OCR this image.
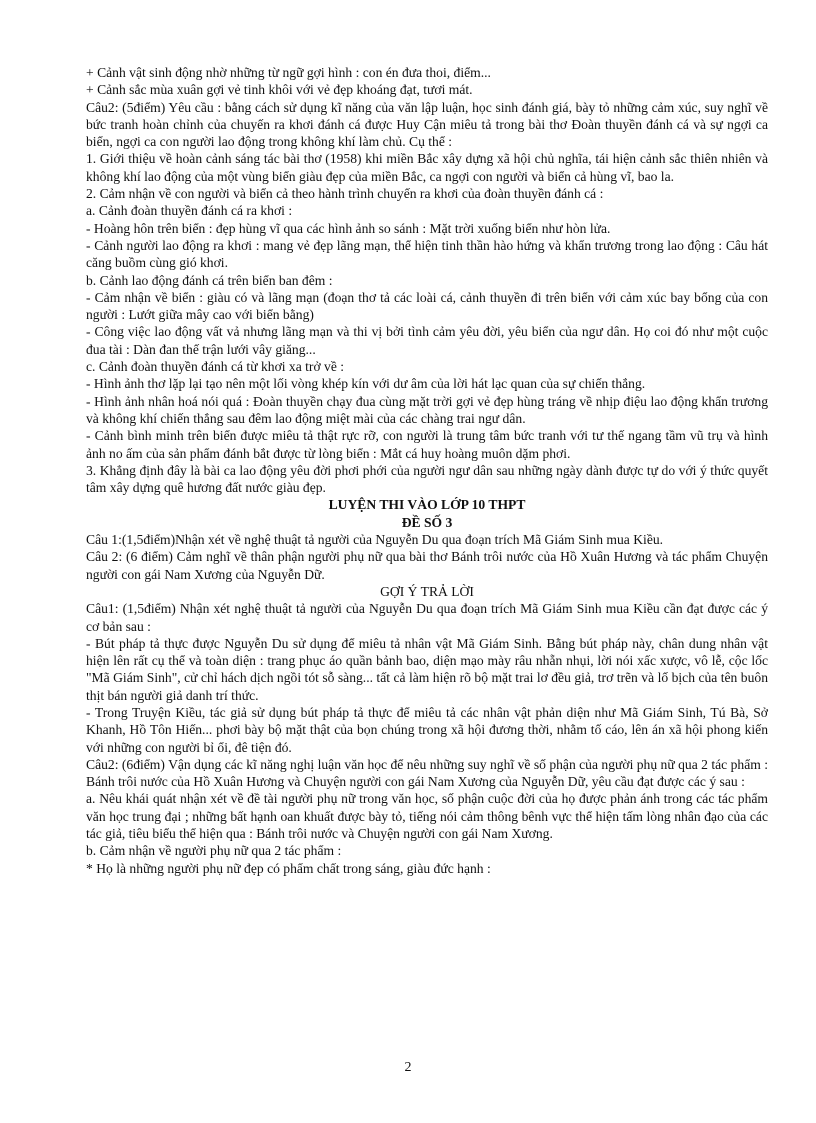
+ Cảnh vật sinh động nhờ những từ ngữ gợi hình : con én đưa thoi, điểm...

+ Cảnh sắc mùa xuân gợi vẻ tinh khôi với vẻ đẹp khoáng đạt, tươi mát.

Câu2: (5điểm) Yêu cầu : bằng cách sử dụng kĩ năng của văn lập luận, học sinh đánh giá, bày tỏ những cảm xúc, suy nghĩ về bức tranh hoàn chỉnh của chuyến ra khơi đánh cá được Huy Cận miêu tả trong bài thơ Đoàn thuyền đánh cá và sự ngợi ca biển, ngợi ca con người lao động trong không khí làm chủ. Cụ thể :

1. Giới thiệu về hoàn cảnh sáng tác bài thơ (1958) khi miền Bắc xây dựng xã hội chủ nghĩa, tái hiện cảnh sắc thiên nhiên và không khí lao động của một vùng biển giàu đẹp của miền Bắc, ca ngợi con người và biển cả hùng vĩ, bao la.

2. Cảm nhận về con người và biển cả theo hành trình chuyến ra khơi của đoàn thuyền đánh cá :

a. Cảnh đoàn thuyền đánh cá ra khơi :

- Hoàng hôn trên biển : đẹp hùng vĩ qua các hình ảnh so sánh : Mặt trời xuống biển như hòn lửa.

- Cảnh người lao động ra khơi : mang vẻ đẹp lãng mạn, thể hiện tinh thần hào hứng và khẩn trương trong lao động : Câu hát căng buồm cùng gió khơi.

b. Cảnh lao động đánh cá trên biển ban đêm :

- Cảm nhận về biển : giàu có và lãng mạn (đoạn thơ tả các loài cá, cảnh thuyền đi trên biển với cảm xúc bay bổng của con người : Lướt giữa mây cao với biển bằng)

- Công việc lao động vất vả nhưng lãng mạn và thi vị bởi tình cảm yêu đời, yêu biển của ngư dân. Họ coi đó như một cuộc đua tài : Dàn đan thế trận lưới vây giăng...

c. Cảnh đoàn thuyền đánh cá từ khơi xa trở về :

- Hình ảnh thơ lặp lại tạo nên một lối vòng khép kín với dư âm của lời hát lạc quan của sự chiến thắng.

- Hình ảnh nhân hoá nói quá : Đoàn thuyền chạy đua cùng mặt trời gợi vẻ đẹp hùng tráng về nhịp điệu lao động khẩn trương và không khí chiến thắng sau đêm lao động miệt mài của các chàng trai ngư dân.

- Cảnh bình minh trên biển được miêu tả thật rực rỡ, con người là trung tâm bức tranh với tư thế ngang tầm vũ trụ và hình ảnh no ấm của sản phẩm đánh bắt được từ lòng biển : Mắt cá huy hoàng muôn dặm phơi.

3. Khẳng định đây là bài ca lao động yêu đời phơi phới của người ngư dân sau những ngày dành được tự do với ý thức quyết tâm xây dựng quê hương đất nước giàu đẹp.

LUYỆN THI VÀO LỚP 10 THPT

ĐỀ SỐ 3

Câu 1:(1,5điểm)Nhận xét về nghệ thuật tả người của Nguyễn Du qua đoạn trích Mã Giám Sinh mua Kiều.

Câu 2: (6 điểm) Cảm nghĩ về thân phận người phụ nữ qua bài thơ Bánh trôi nước của Hồ Xuân Hương và tác phẩm Chuyện người con gái Nam Xương của Nguyễn Dữ.

GỢI Ý TRẢ LỜI

Câu1: (1,5điểm) Nhận xét nghệ thuật tả người của Nguyễn Du qua đoạn trích Mã Giám Sinh mua Kiều cần đạt được các ý cơ bản sau :

- Bút pháp tả thực được Nguyễn Du sử dụng để miêu tả nhân vật Mã Giám Sinh. Bằng bút pháp này, chân dung nhân vật hiện lên rất cụ thể và toàn diện : trang phục áo quần bảnh bao, diện mạo mày râu nhẵn nhụi, lời nói xấc xược, vô lễ, cộc lốc "Mã Giám Sinh", cử chỉ hách dịch ngồi tót sỗ sàng... tất cả làm hiện rõ bộ mặt trai lơ đều giả, trơ trẽn và lố bịch của tên buôn thịt bán người giả danh trí thức.

- Trong Truyện Kiều, tác giả sử dụng bút pháp tả thực để miêu tả các nhân vật phản diện như Mã Giám Sinh, Tú Bà, Sở Khanh, Hồ Tôn Hiến... phơi bày bộ mặt thật của bọn chúng trong xã hội đương thời, nhằm tố cáo, lên án xã hội phong kiến với những con người bỉ ổi, đê tiện đó.

Câu2: (6điểm) Vận dụng các kĩ năng nghị luận văn học để nêu những suy nghĩ về số phận của người phụ nữ qua 2 tác phẩm : Bánh trôi nước của Hồ Xuân Hương và Chuyện người con gái Nam Xương của Nguyễn Dữ, yêu cầu đạt được các ý sau :

a. Nêu khái quát nhận xét về đề tài người phụ nữ trong văn học, số phận cuộc đời của họ được phản ánh trong các tác phẩm văn học trung đại ; những bất hạnh oan khuất được bày tỏ, tiếng nói cảm thông bênh vực thể hiện tấm lòng nhân đạo của các tác giả, tiêu biểu thể hiện qua : Bánh trôi nước và Chuyện người con gái Nam Xương.

b. Cảm nhận về người phụ nữ qua 2 tác phẩm :

* Họ là những người phụ nữ đẹp có phẩm chất trong sáng, giàu đức hạnh :

2
